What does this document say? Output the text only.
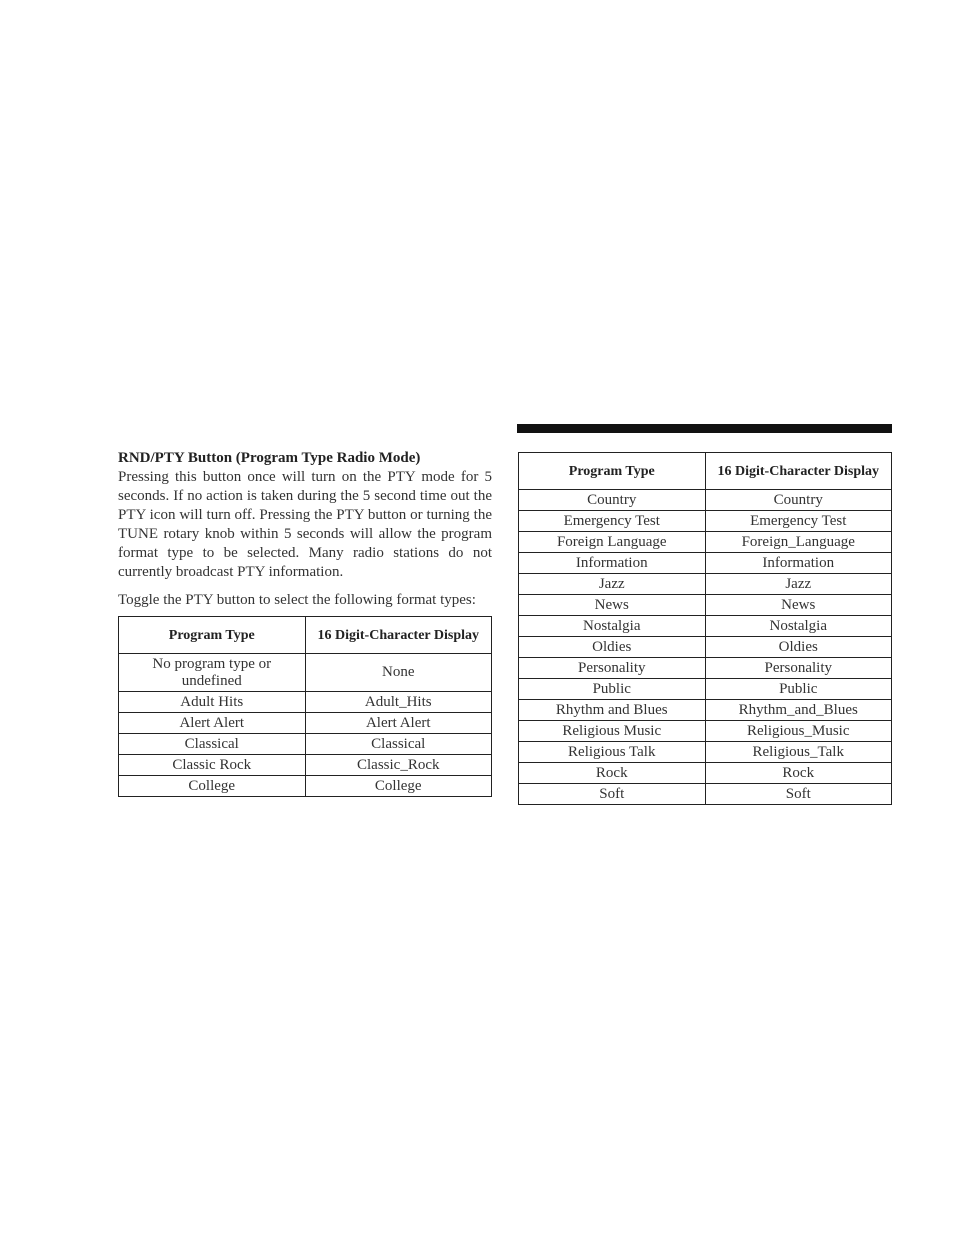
RND/PTY Button (Program Type Radio Mode)

Pressing this button once will turn on the PTY mode for 5 seconds. If no action is taken during the 5 second time out the PTY icon will turn off. Pressing the PTY button or turning the TUNE rotary knob within 5 seconds will allow the program format type to be selected. Many radio stations do not currently broadcast PTY information.

Toggle the PTY button to select the following format types:

Program Type	16 Digit-Character Display
No program type or undefined	None
Adult Hits	Adult_Hits
Alert Alert	Alert Alert
Classical	Classical
Classic Rock	Classic_Rock
College	College
Program Type	16 Digit-Character Display
Country	Country
Emergency Test	Emergency Test
Foreign Language	Foreign_Language
Information	Information
Jazz	Jazz
News	News
Nostalgia	Nostalgia
Oldies	Oldies
Personality	Personality
Public	Public
Rhythm and Blues	Rhythm_and_Blues
Religious Music	Religious_Music
Religious Talk	Religious_Talk
Rock	Rock
Soft	Soft
